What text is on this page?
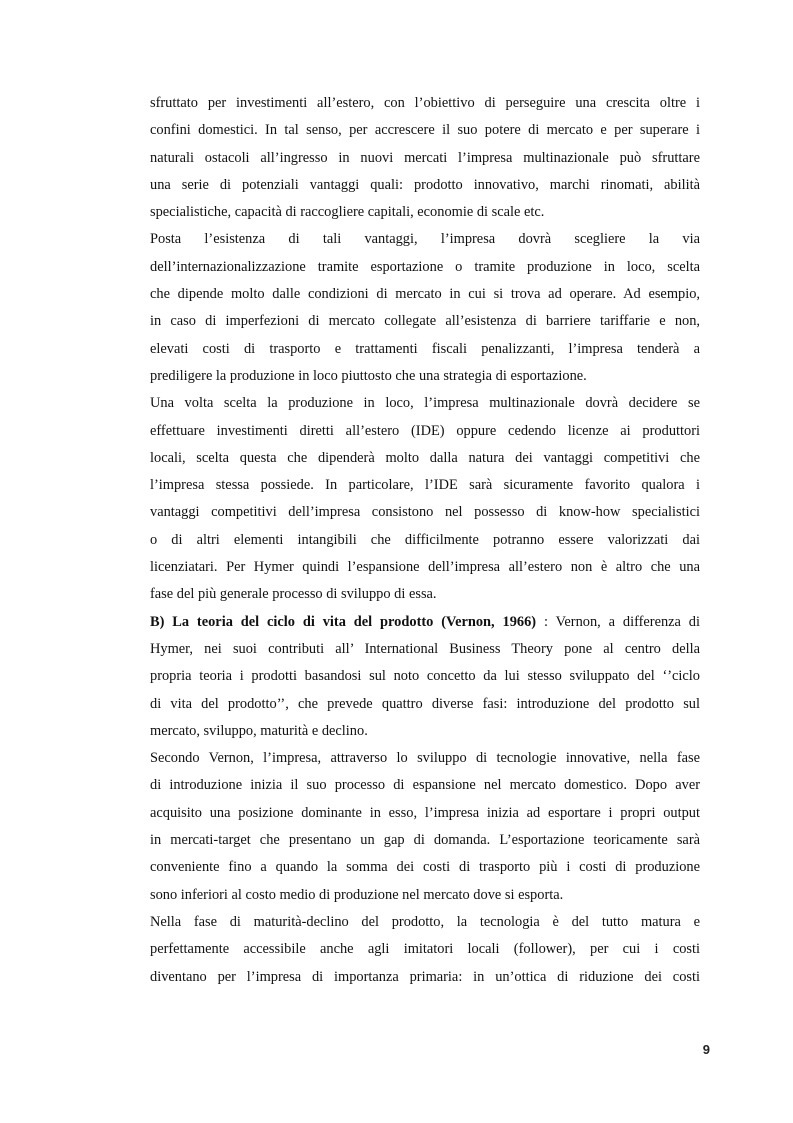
sfruttato per investimenti all’estero, con l’obiettivo di perseguire una crescita oltre i
confini domestici. In tal senso, per accrescere il suo potere di mercato e per superare i
naturali ostacoli all’ingresso in nuovi mercati l’impresa multinazionale può sfruttare
una serie di potenziali vantaggi quali: prodotto innovativo, marchi rinomati, abilità
specialistiche, capacità di raccogliere capitali, economie di scale etc.
Posta l’esistenza di tali vantaggi, l’impresa dovrà scegliere la via
dell’internazionalizzazione tramite esportazione o tramite produzione in loco, scelta
che dipende molto dalle condizioni di mercato in cui si trova ad operare. Ad esempio,
in caso di imperfezioni di mercato collegate all’esistenza di barriere tariffarie e non,
elevati costi di trasporto e trattamenti fiscali penalizzanti, l’impresa tenderà a
prediligere la produzione in loco piuttosto che una strategia di esportazione.
Una volta scelta la produzione in loco, l’impresa multinazionale dovrà decidere se
effettuare investimenti diretti all’estero (IDE) oppure cedendo licenze ai produttori
locali, scelta questa che dipenderà molto dalla natura dei vantaggi competitivi che
l’impresa stessa possiede. In particolare, l’IDE sarà sicuramente favorito qualora i
vantaggi competitivi dell’impresa consistono nel possesso di know-how specialistici
o di altri elementi intangibili che difficilmente potranno essere valorizzati dai
licenziatari. Per Hymer quindi l’espansione dell’impresa all’estero non è altro che una
fase del più generale processo di sviluppo di essa.
B) La teoria del ciclo di vita del prodotto (Vernon, 1966) : Vernon, a differenza di
Hymer, nei suoi contributi all’ International Business Theory pone al centro della
propria teoria i prodotti basandosi sul noto concetto da lui stesso sviluppato del ‘’ciclo
di vita del prodotto’’, che prevede quattro diverse fasi: introduzione del prodotto sul
mercato, sviluppo, maturità e declino.
Secondo Vernon, l’impresa, attraverso lo sviluppo di tecnologie innovative, nella fase
di introduzione inizia il suo processo di espansione nel mercato domestico. Dopo aver
acquisito una posizione dominante in esso, l’impresa inizia ad esportare i propri output
in mercati-target che presentano un gap di domanda. L’esportazione teoricamente sarà
conveniente fino a quando la somma dei costi di trasporto più i costi di produzione
sono inferiori al costo medio di produzione nel mercato dove si esporta.
Nella fase di maturità-declino del prodotto, la tecnologia è del tutto matura e
perfettamente accessibile anche agli imitatori locali (follower), per cui i costi
diventano per l’impresa di importanza primaria: in un’ottica di riduzione dei costi
9
